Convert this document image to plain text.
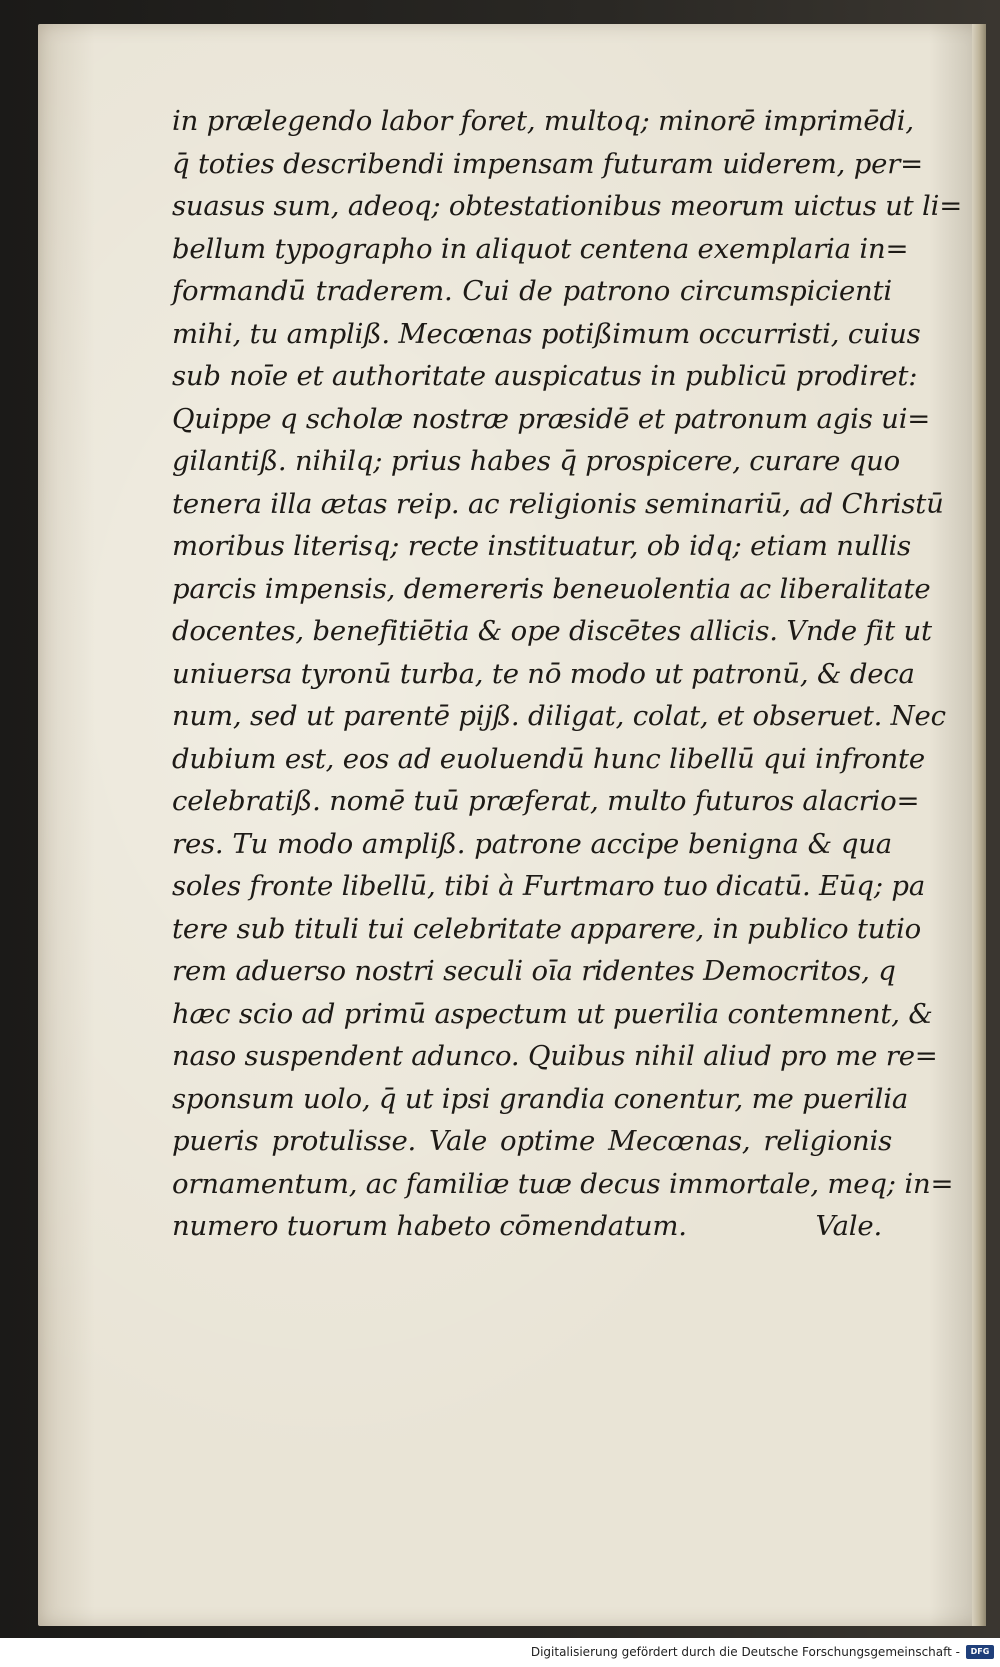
in prælegendo labor foret, multoq; minorē imprimēdi,
q̄ toties describendi impensam futuram uiderem, per=
suasus sum, adeoq; obtestationibus meorum uictus ut li=
bellum typographo in aliquot centena exemplaria in=
formandū traderem. Cui de patrono circumspicienti
mihi, tu ampliß. Mecœnas potißimum occurristi, cuius
sub noīe et authoritate auspicatus in publicū prodiret:
Quippe q scholæ nostræ præsidē et patronum agis ui=
gilantiß. nihilq; prius habes q̄ prospicere, curare quo
tenera illa ætas reip. ac religionis seminariū, ad Christū
moribus literisq; recte instituatur, ob idq; etiam nullis
parcis impensis, demereris beneuolentia ac liberalitate
docentes, benefitiētia & ope discētes allicis. Vnde fit ut
uniuersa tyronū turba, te nō modo ut patronū, & deca
num, sed ut parentē pijß. diligat, colat, et obseruet. Nec
dubium est, eos ad euoluendū hunc libellū qui infronte
celebratiß. nomē tuū præferat, multo futuros alacrio=
res. Tu modo ampliß. patrone accipe benigna & qua
soles fronte libellū, tibi à Furtmaro tuo dicatū. Eūq; pa
tere sub tituli tui celebritate apparere, in publico tutio
rem aduerso nostri seculi oīa ridentes Democritos, q
hæc scio ad primū aspectum ut pueriliа contemnent, &
naso suspendent adunco. Quibus nihil aliud pro me re=
sponsum uolo, q̄ ut ipsi grandia conentur, me puerilia
pueris protulisse. Vale optime Mecœnas, religionis
ornamentum, ac familiæ tuæ decus immortale, meq; in=
numero tuorum habeto cōmendatum.	Vale.
Digitalisierung gefördert durch die Deutsche Forschungsgemeinschaft -	DFG
